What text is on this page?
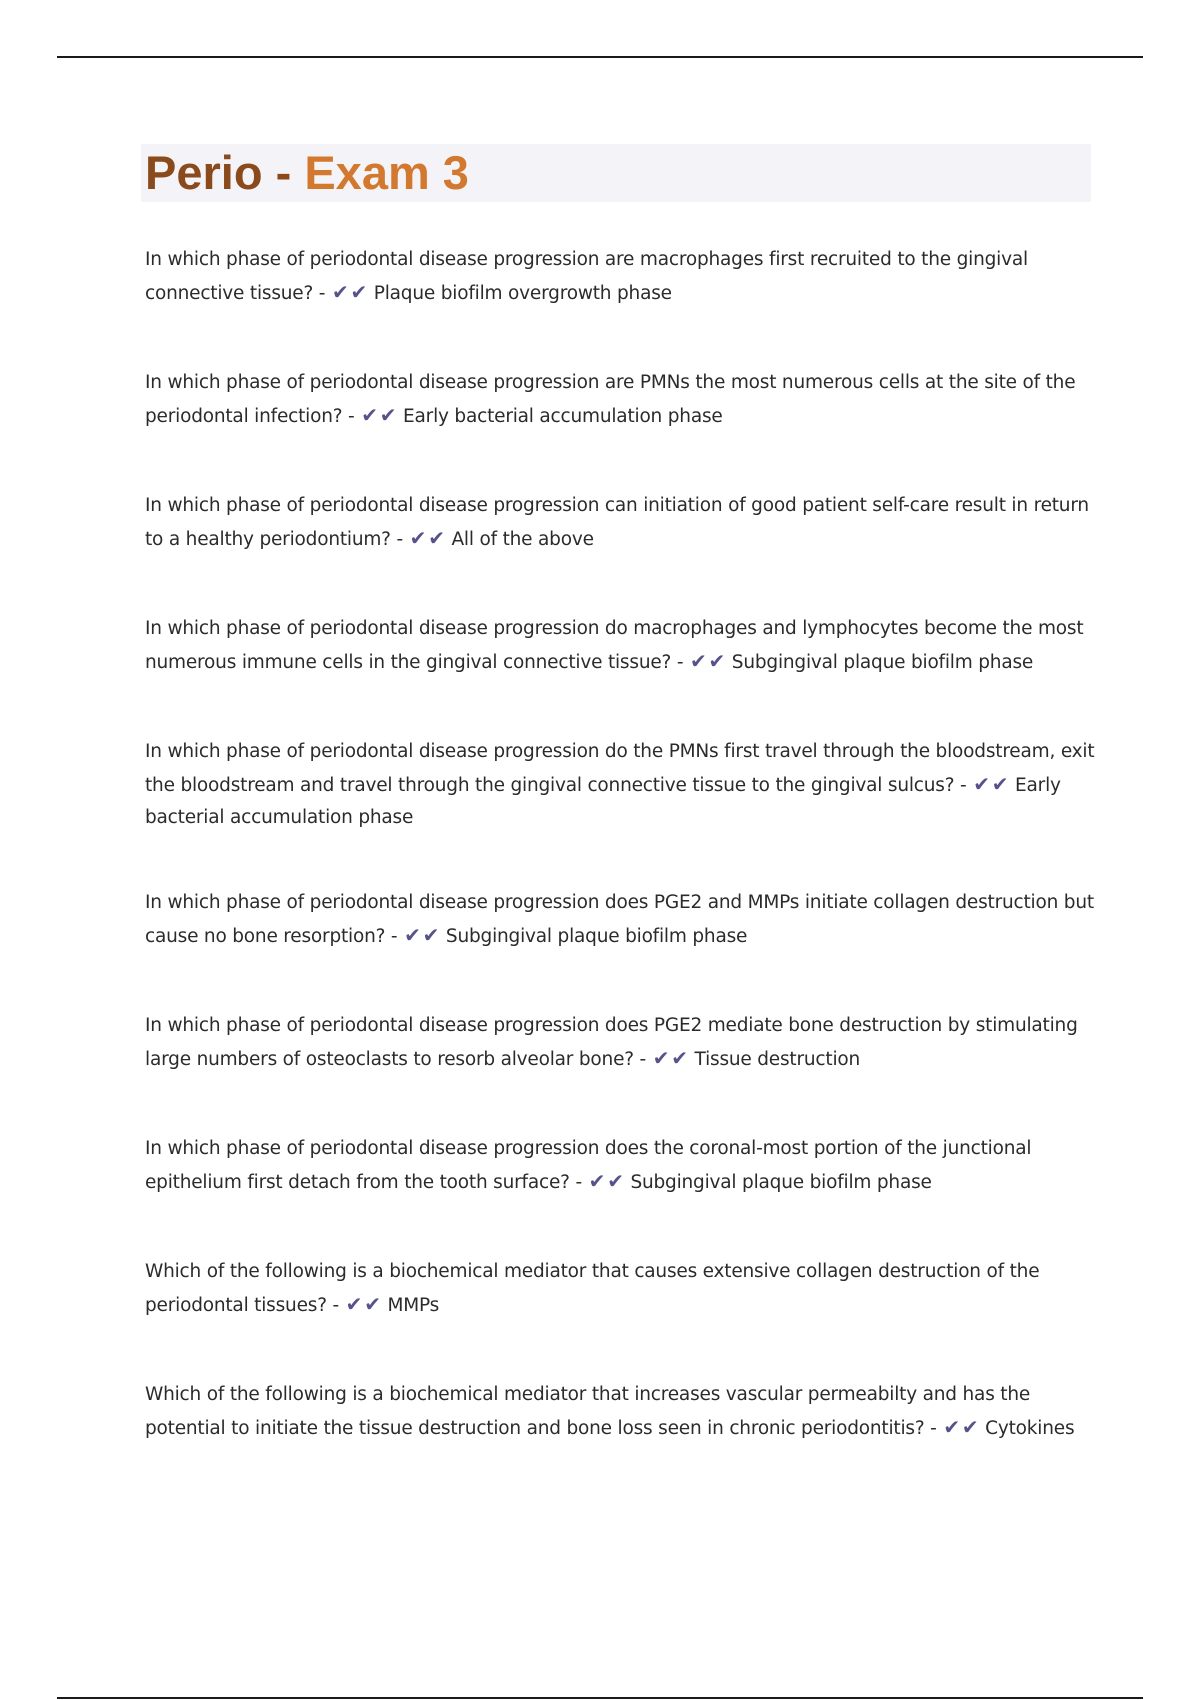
Perio - Exam 3
In which phase of periodontal disease progression are macrophages first recruited to the gingival connective tissue? - ✔ ✔ Plaque biofilm overgrowth phase
In which phase of periodontal disease progression are PMNs the most numerous cells at the site of the periodontal infection? - ✔ ✔ Early bacterial accumulation phase
In which phase of periodontal disease progression can initiation of good patient self-care result in return to a healthy periodontium? - ✔ ✔ All of the above
In which phase of periodontal disease progression do macrophages and lymphocytes become the most numerous immune cells in the gingival connective tissue? - ✔ ✔ Subgingival plaque biofilm phase
In which phase of periodontal disease progression do the PMNs first travel through the bloodstream, exit the bloodstream and travel through the gingival connective tissue to the gingival sulcus? - ✔ ✔ Early bacterial accumulation phase
In which phase of periodontal disease progression does PGE2 and MMPs initiate collagen destruction but cause no bone resorption? - ✔ ✔ Subgingival plaque biofilm phase
In which phase of periodontal disease progression does PGE2 mediate bone destruction by stimulating large numbers of osteoclasts to resorb alveolar bone? - ✔ ✔ Tissue destruction
In which phase of periodontal disease progression does the coronal-most portion of the junctional epithelium first detach from the tooth surface? - ✔ ✔ Subgingival plaque biofilm phase
Which of the following is a biochemical mediator that causes extensive collagen destruction of the periodontal tissues? - ✔ ✔ MMPs
Which of the following is a biochemical mediator that increases vascular permeabilty and has the potential to initiate the tissue destruction and bone loss seen in chronic periodontitis? - ✔ ✔ Cytokines
